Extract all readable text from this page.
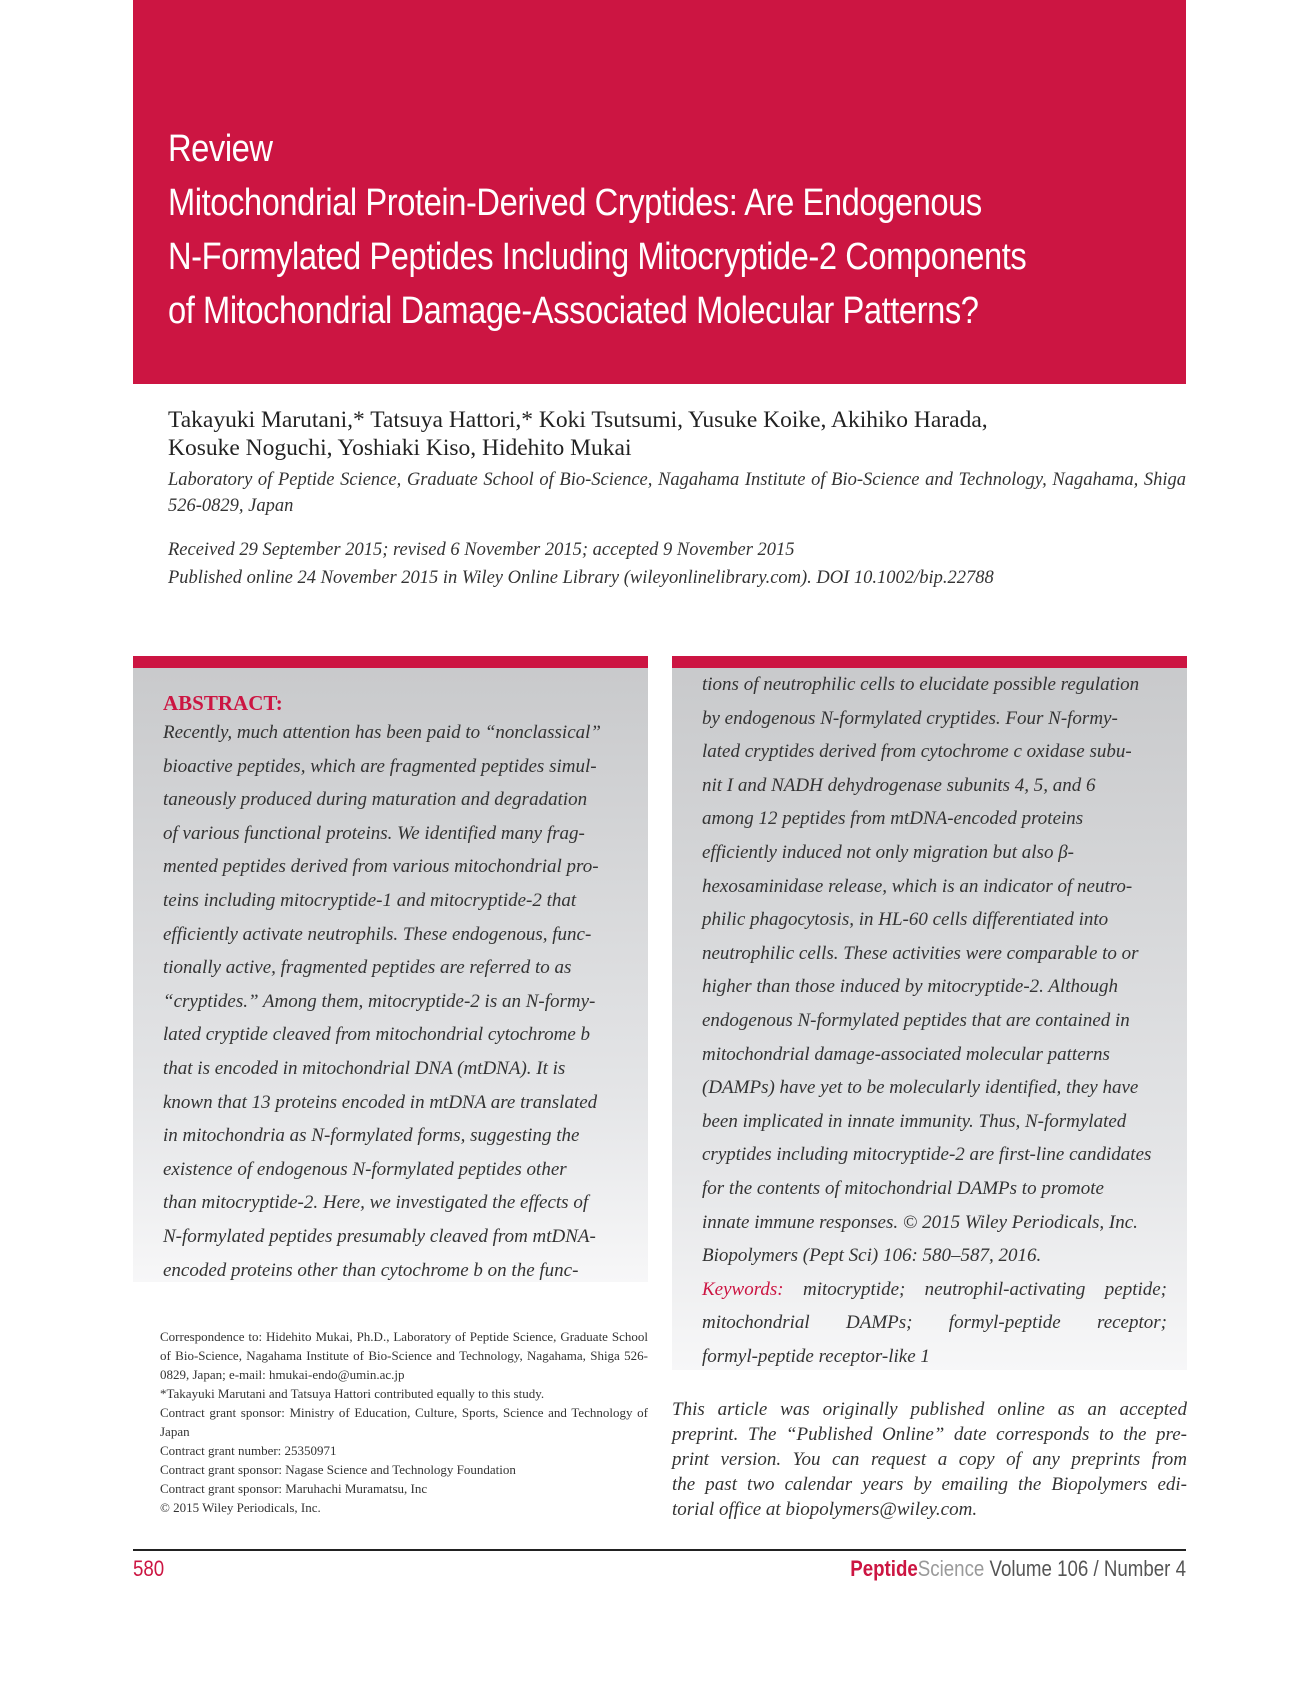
Review
Mitochondrial Protein-Derived Cryptides: Are Endogenous
N-Formylated Peptides Including Mitocryptide-2 Components
of Mitochondrial Damage-Associated Molecular Patterns?
Takayuki Marutani,* Tatsuya Hattori,* Koki Tsutsumi, Yusuke Koike, Akihiko Harada,
Kosuke Noguchi, Yoshiaki Kiso, Hidehito Mukai
Laboratory of Peptide Science, Graduate School of Bio-Science, Nagahama Institute of Bio-Science and Technology, Nagahama, Shiga 526-0829, Japan
Received 29 September 2015; revised 6 November 2015; accepted 9 November 2015
Published online 24 November 2015 in Wiley Online Library (wileyonlinelibrary.com). DOI 10.1002/bip.22788
ABSTRACT:
Recently, much attention has been paid to “nonclassical”
bioactive peptides, which are fragmented peptides simul-
taneously produced during maturation and degradation
of various functional proteins. We identified many frag-
mented peptides derived from various mitochondrial pro-
teins including mitocryptide-1 and mitocryptide-2 that
efficiently activate neutrophils. These endogenous, func-
tionally active, fragmented peptides are referred to as
“cryptides.” Among them, mitocryptide-2 is an N-formy-
lated cryptide cleaved from mitochondrial cytochrome b
that is encoded in mitochondrial DNA (mtDNA). It is
known that 13 proteins encoded in mtDNA are translated
in mitochondria as N-formylated forms, suggesting the
existence of endogenous N-formylated peptides other
than mitocryptide-2. Here, we investigated the effects of
N-formylated peptides presumably cleaved from mtDNA-
encoded proteins other than cytochrome b on the func-
tions of neutrophilic cells to elucidate possible regulation
by endogenous N-formylated cryptides. Four N-formy-
lated cryptides derived from cytochrome c oxidase subu-
nit I and NADH dehydrogenase subunits 4, 5, and 6
among 12 peptides from mtDNA-encoded proteins
efficiently induced not only migration but also β-
hexosaminidase release, which is an indicator of neutro-
philic phagocytosis, in HL-60 cells differentiated into
neutrophilic cells. These activities were comparable to or
higher than those induced by mitocryptide-2. Although
endogenous N-formylated peptides that are contained in
mitochondrial damage-associated molecular patterns
(DAMPs) have yet to be molecularly identified, they have
been implicated in innate immunity. Thus, N-formylated
cryptides including mitocryptide-2 are first-line candidates
for the contents of mitochondrial DAMPs to promote
innate immune responses. © 2015 Wiley Periodicals, Inc.
Biopolymers (Pept Sci) 106: 580–587, 2016.
Keywords: mitocryptide; neutrophil-activating peptide;
mitochondrial DAMPs; formyl-peptide receptor;
formyl-peptide receptor-like 1
Correspondence to: Hidehito Mukai, Ph.D., Laboratory of Peptide Science, Graduate School of Bio-Science, Nagahama Institute of Bio-Science and Technology, Nagahama, Shiga 526-0829, Japan; e-mail: hmukai-endo@umin.ac.jp
*Takayuki Marutani and Tatsuya Hattori contributed equally to this study.
Contract grant sponsor: Ministry of Education, Culture, Sports, Science and Technology of Japan
Contract grant number: 25350971
Contract grant sponsor: Nagase Science and Technology Foundation
Contract grant sponsor: Maruhachi Muramatsu, Inc
© 2015 Wiley Periodicals, Inc.
This article was originally published online as an accepted
preprint. The “Published Online” date corresponds to the pre-
print version. You can request a copy of any preprints from
the past two calendar years by emailing the Biopolymers edi-
torial office at biopolymers@wiley.com.
580	PeptideScience Volume 106 / Number 4
